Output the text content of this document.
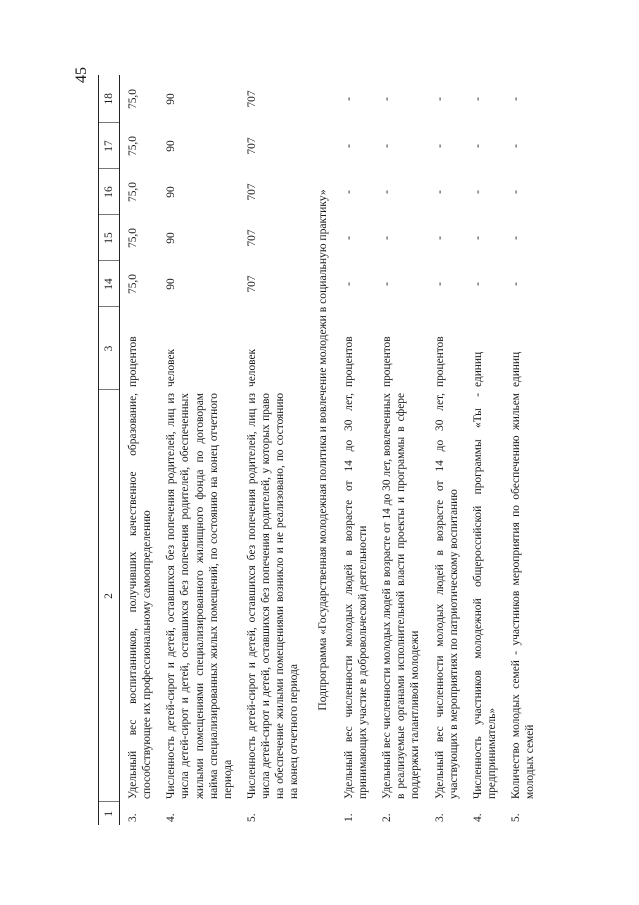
45
1	2	3	14	15	16	17	18
3.	Удельный вес воспитанников, получивших качественное образование, способствующее их профессиональному самоопределению	процентов	75,0	75,0	75,0	75,0	75,0
4.	Численность детей-сирот и детей, оставшихся без попечения родителей, лиц из числа детей-сирот и детей, оставшихся без попечения родителей, обеспеченных жилыми помещениями специализированного жилищного фонда по договорам найма специализированных жилых помещений, по состоянию на конец отчетного периода	человек	90	90	90	90	90
5.	Численность детей-сирот и детей, оставшихся без попечения родителей, лиц из числа детей-сирот и детей, оставшихся без попечения родителей, у которых право на обеспечение жилыми помещениями возникло и не реализовано, по состоянию на конец отчетного периода	человек	707	707	707	707	707
Подпрограмма «Государственная молодежная политика и вовлечение молодежи в социальную практику»							
1.	Удельный вес численности молодых людей в возрасте от 14 до 30 лет, принимающих участие в добровольческой деятельности	процентов	-	-	-	-	-
2.	Удельный вес численности молодых людей в возрасте от 14 до 30 лет, вовлеченных в реализуемые органами исполнительной власти проекты и программы в сфере поддержки талантливой молодежи	процентов	-	-	-	-	-
3.	Удельный вес численности молодых людей в возрасте от 14 до 30 лет, участвующих в мероприятиях по патриотическому воспитанию	процентов	-	-	-	-	-
4.	Численность участников молодежной общероссийской программы «Ты - предприниматель»	единиц	-	-	-	-	-
5.	Количество молодых семей - участников мероприятия по обеспечению жильем молодых семей	единиц	-	-	-	-	-
